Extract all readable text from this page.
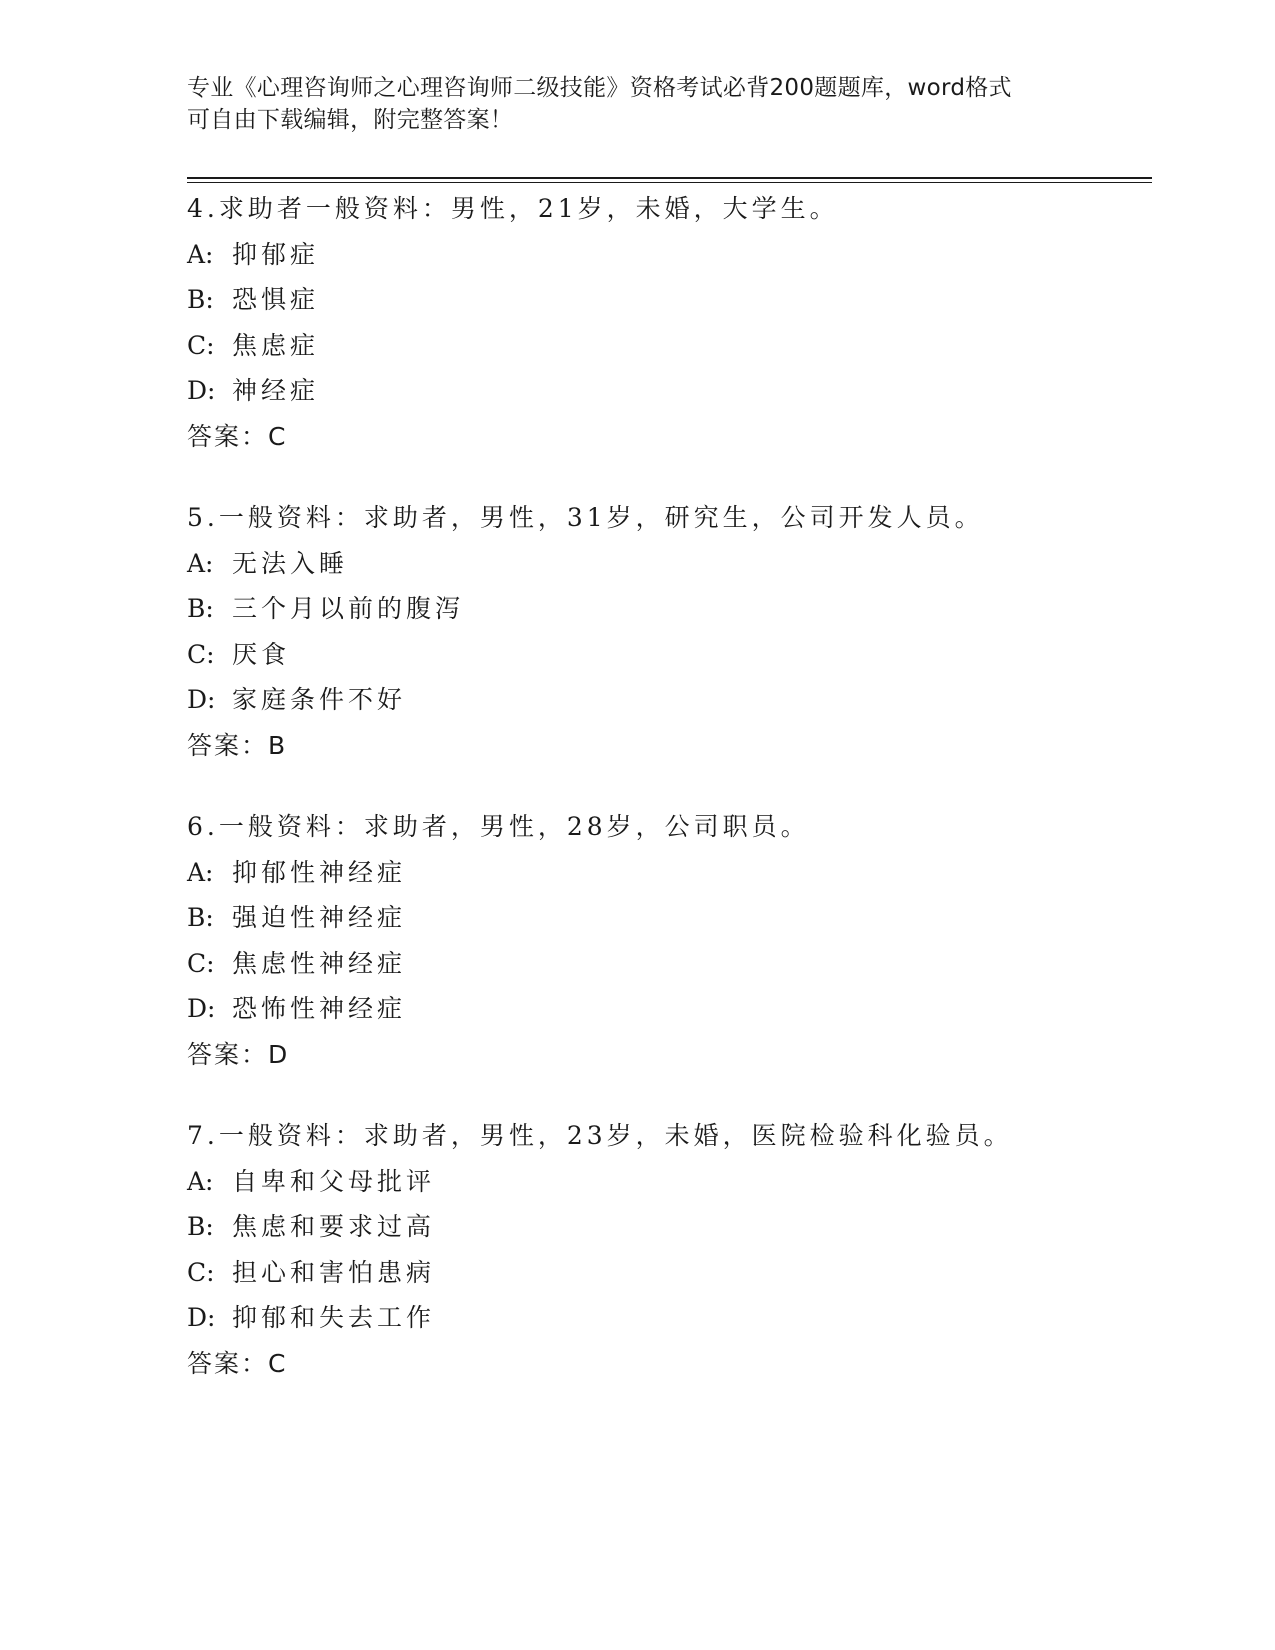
专业《心理咨询师之心理咨询师二级技能》资格考试必背200题题库，word格式
可自由下载编辑，附完整答案！
4.求助者一般资料：男性，21岁，未婚，大学生。
A: 抑郁症
B: 恐惧症
C: 焦虑症
D: 神经症
答案：C
5.一般资料：求助者，男性，31岁，研究生，公司开发人员。
A: 无法入睡
B: 三个月以前的腹泻
C: 厌食
D: 家庭条件不好
答案：B
6.一般资料：求助者，男性，28岁，公司职员。
A: 抑郁性神经症
B: 强迫性神经症
C: 焦虑性神经症
D: 恐怖性神经症
答案：D
7.一般资料：求助者，男性，23岁，未婚，医院检验科化验员。
A: 自卑和父母批评
B: 焦虑和要求过高
C: 担心和害怕患病
D: 抑郁和失去工作
答案：C
